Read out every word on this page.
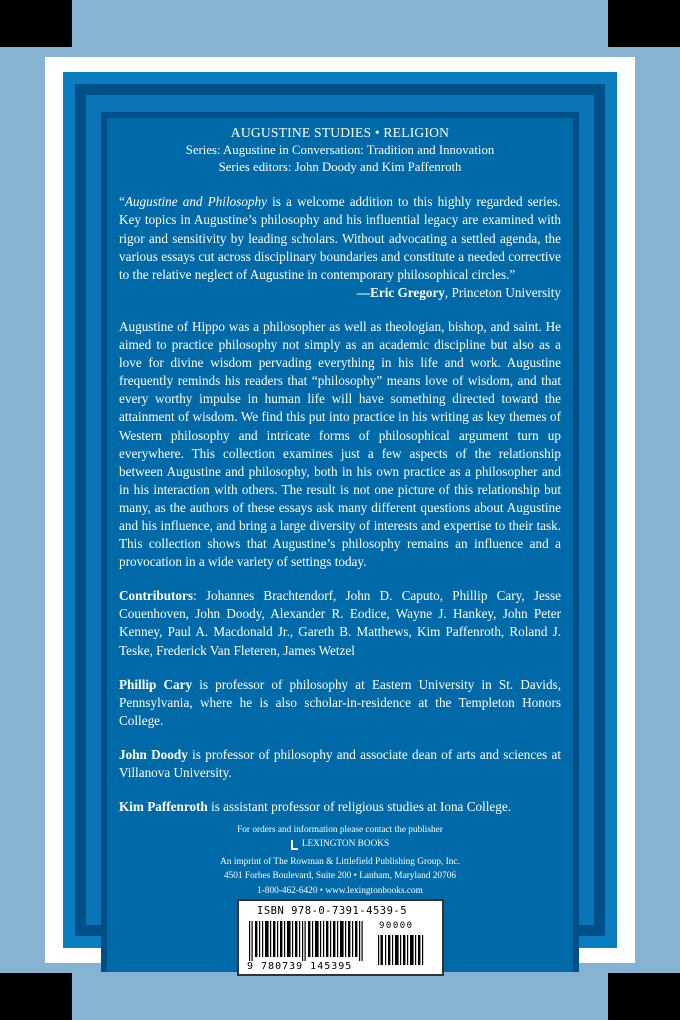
AUGUSTINE STUDIES • RELIGION
Series: Augustine in Conversation: Tradition and Innovation
Series editors: John Doody and Kim Paffenroth

“Augustine and Philosophy is a welcome addition to this highly regarded series. Key topics in Augustine’s philosophy and his influential legacy are examined with rigor and sensitivity by leading scholars. Without advocating a settled agenda, the various essays cut across disciplinary boundaries and constitute a needed corrective to the relative neglect of Augustine in contemporary philosophical circles.”

—Eric Gregory, Princeton University

Augustine of Hippo was a philosopher as well as theologian, bishop, and saint. He aimed to practice philosophy not simply as an academic discipline but also as a love for divine wisdom pervading everything in his life and work. Augustine frequently reminds his readers that “philosophy” means love of wisdom, and that every worthy impulse in human life will have something directed toward the attainment of wisdom. We find this put into practice in his writing as key themes of Western philosophy and intricate forms of philosophical argument turn up everywhere. This collection examines just a few aspects of the relationship between Augustine and philosophy, both in his own practice as a philosopher and in his interaction with others. The result is not one picture of this relationship but many, as the authors of these essays ask many different questions about Augustine and his influence, and bring a large diversity of interests and expertise to their task. This collection shows that Augustine’s philosophy remains an influence and a provocation in a wide variety of settings today.

Contributors: Johannes Brachtendorf, John D. Caputo, Phillip Cary, Jesse Couenhoven, John Doody, Alexander R. Eodice, Wayne J. Hankey, John Peter Kenney, Paul A. Macdonald Jr., Gareth B. Matthews, Kim Paffenroth, Roland J. Teske, Frederick Van Fleteren, James Wetzel

Phillip Cary is professor of philosophy at Eastern University in St. Davids, Pennsylvania, where he is also scholar-in-residence at the Templeton Honors College.

John Doody is professor of philosophy and associate dean of arts and sciences at Villanova University.

Kim Paffenroth is assistant professor of religious studies at Iona College.

For orders and information please contact the publisher
LEXINGTON BOOKS
An imprint of The Rowman & Littlefield Publishing Group, Inc.
4501 Forbes Boulevard, Suite 200 • Lanham, Maryland 20706
1-800-462-6420 • www.lexingtonbooks.com
ISBN 978-0-7391-4539-5
90000
9 780739 145395
